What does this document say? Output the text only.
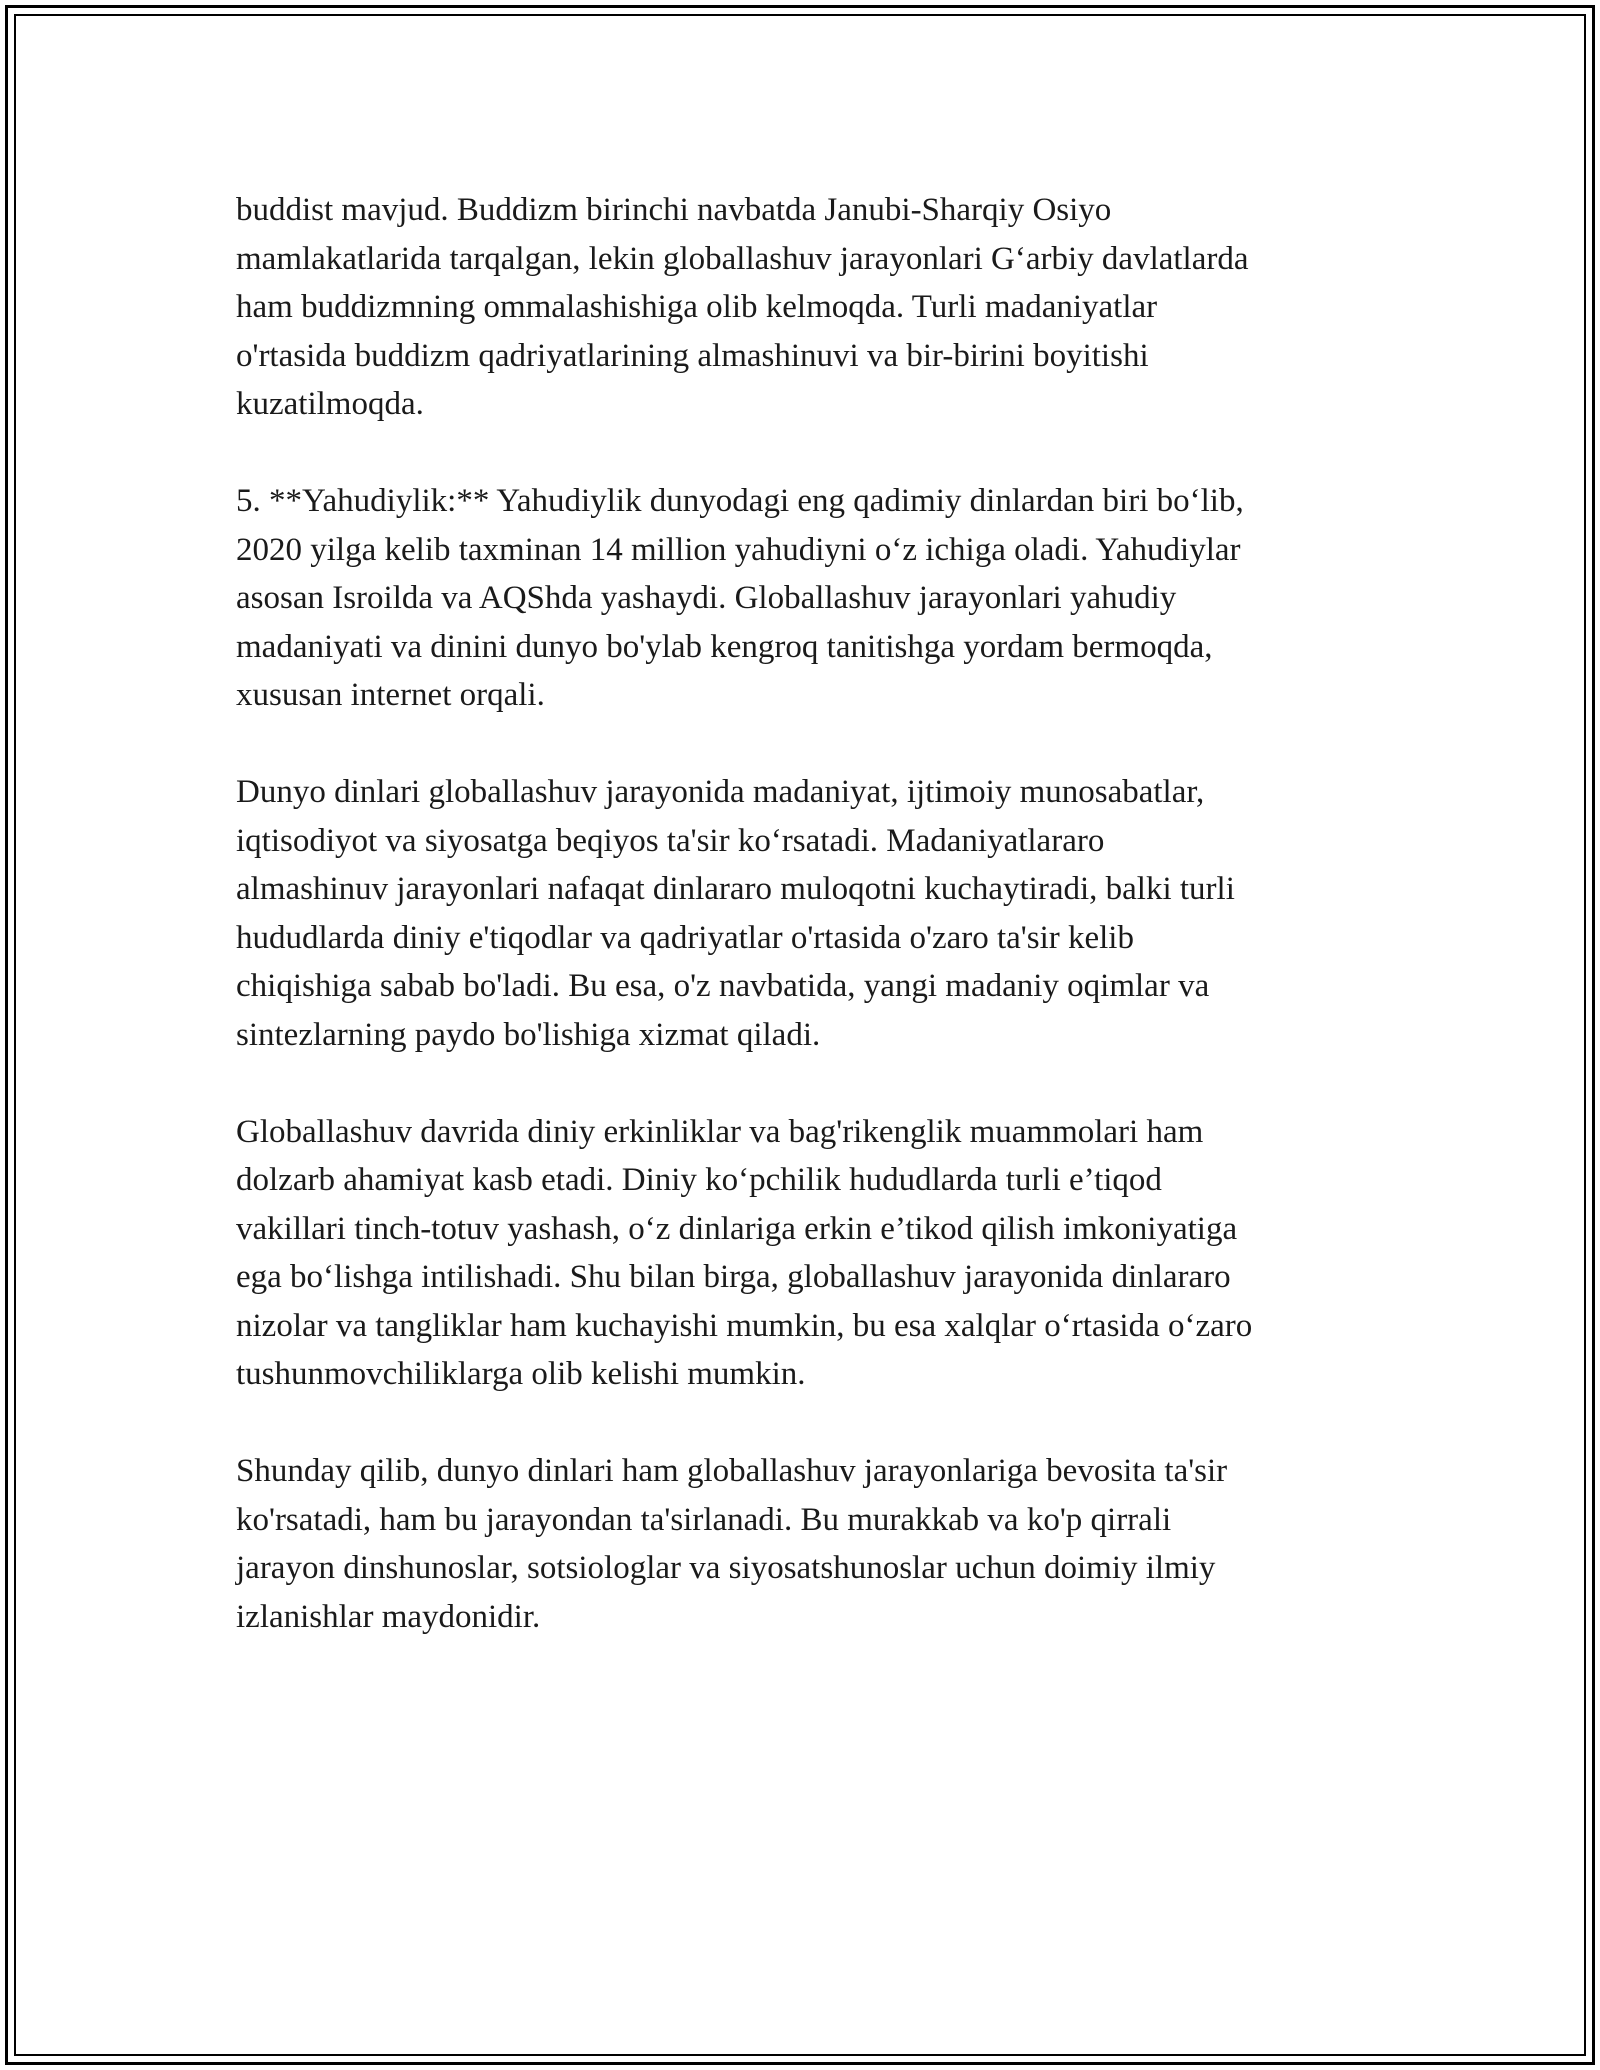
buddist mavjud. Buddizm birinchi navbatda Janubi-Sharqiy Osiyo
mamlakatlarida tarqalgan, lekin globallashuv jarayonlari G‘arbiy davlatlarda
ham buddizmning ommalashishiga olib kelmoqda. Turli madaniyatlar
o'rtasida buddizm qadriyatlarining almashinuvi va bir-birini boyitishi
kuzatilmoqda.

5. **Yahudiylik:** Yahudiylik dunyodagi eng qadimiy dinlardan biri bo‘lib,
2020 yilga kelib taxminan 14 million yahudiyni o‘z ichiga oladi. Yahudiylar
asosan Isroilda va AQShda yashaydi. Globallashuv jarayonlari yahudiy
madaniyati va dinini dunyo bo'ylab kengroq tanitishga yordam bermoqda,
xususan internet orqali.

Dunyo dinlari globallashuv jarayonida madaniyat, ijtimoiy munosabatlar,
iqtisodiyot va siyosatga beqiyos ta'sir ko‘rsatadi. Madaniyatlararo
almashinuv jarayonlari nafaqat dinlararo muloqotni kuchaytiradi, balki turli
hududlarda diniy e'tiqodlar va qadriyatlar o'rtasida o'zaro ta'sir kelib
chiqishiga sabab bo'ladi. Bu esa, o'z navbatida, yangi madaniy oqimlar va
sintezlarning paydo bo'lishiga xizmat qiladi.

Globallashuv davrida diniy erkinliklar va bag'rikenglik muammolari ham
dolzarb ahamiyat kasb etadi. Diniy ko‘pchilik hududlarda turli e’tiqod
vakillari tinch-totuv yashash, o‘z dinlariga erkin e’tikod qilish imkoniyatiga
ega bo‘lishga intilishadi. Shu bilan birga, globallashuv jarayonida dinlararo
nizolar va tangliklar ham kuchayishi mumkin, bu esa xalqlar o‘rtasida o‘zaro
tushunmovchiliklarga olib kelishi mumkin.

Shunday qilib, dunyo dinlari ham globallashuv jarayonlariga bevosita ta'sir
ko'rsatadi, ham bu jarayondan ta'sirlanadi. Bu murakkab va ko'p qirrali
jarayon dinshunoslar, sotsiologlar va siyosatshunoslar uchun doimiy ilmiy
izlanishlar maydonidir.
